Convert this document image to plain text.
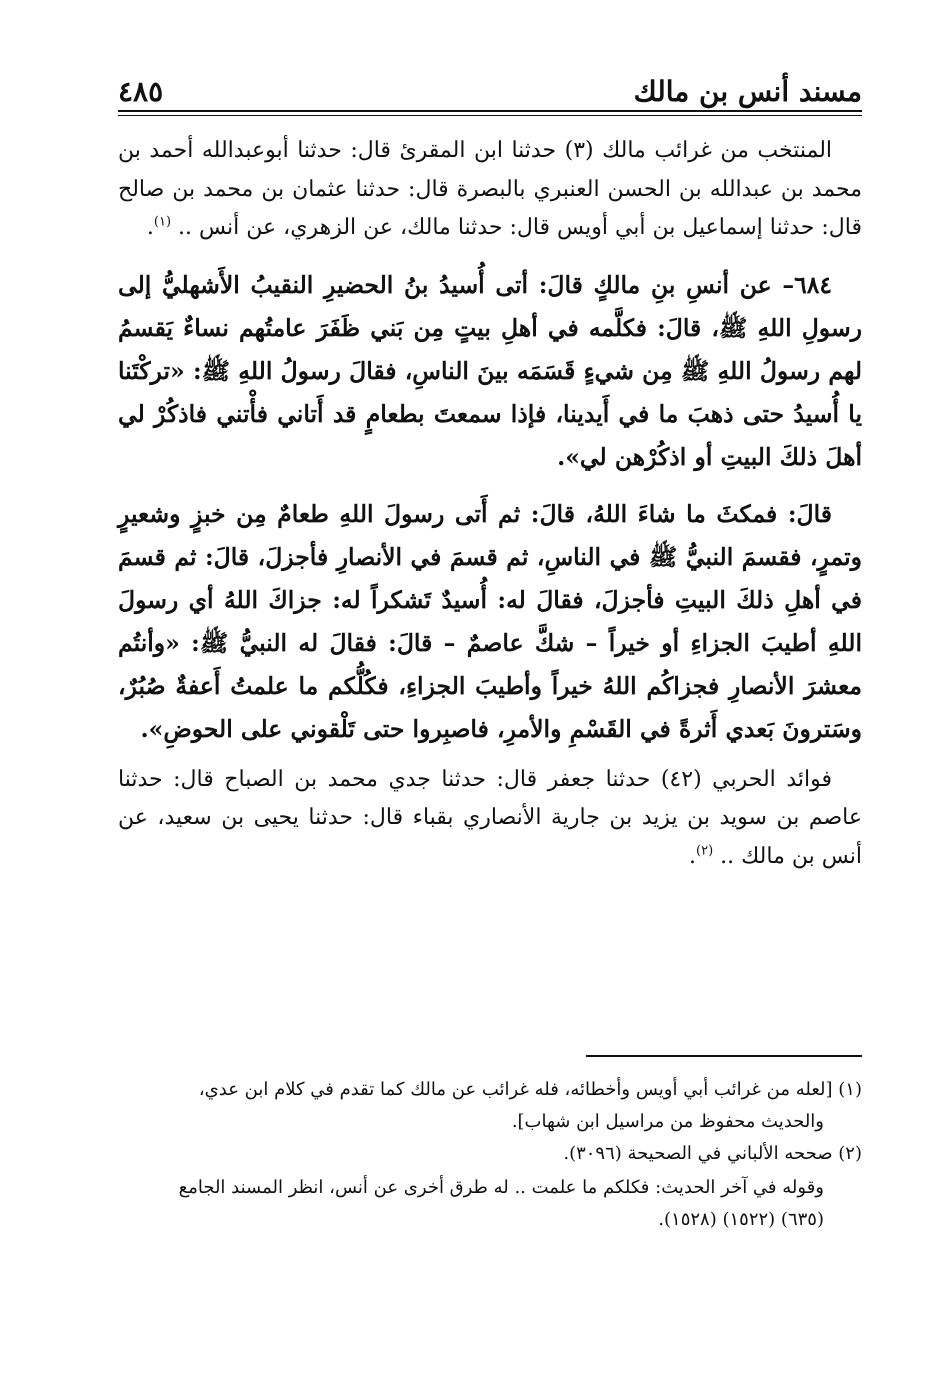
مسند أنس بن مالك
٤٨٥

المنتخب من غرائب مالك (٣) حدثنا ابن المقرئ قال: حدثنا أبوعبدالله أحمد بن محمد بن عبدالله بن الحسن العنبري بالبصرة قال: حدثنا عثمان بن محمد بن صالح قال: حدثنا إسماعيل بن أبي أويس قال: حدثنا مالك، عن الزهري، عن أنس .. $^{(١)}$.

٦٨٤– عن أنسِ بنِ مالكٍ قالَ: أتى أُسيدُ بنُ الحضيرِ النقيبُ الأَشهليُّ إلى رسولِ اللهِ ﷺ، قالَ: فكلَّمه في أهلِ بيتٍ مِن بَني ظَفَرَ عامتُهم نساءٌ يَقسمُ لهم رسولُ اللهِ ﷺ مِن شيءٍ قَسَمَه بينَ الناسِ، فقالَ رسولُ اللهِ ﷺ: «تركْتَنا يا أُسيدُ حتى ذهبَ ما في أَيدينا، فإذا سمعتَ بطعامٍ قد أَتاني فأْتني فاذكُرْ لي أهلَ ذلكَ البيتِ أو اذكُرْهن لي».

قالَ: فمكثَ ما شاءَ اللهُ، قالَ: ثم أَتى رسولَ اللهِ طعامٌ مِن خبزٍ وشعيرٍ وتمرٍ، فقسمَ النبيُّ ﷺ في الناسِ، ثم قسمَ في الأنصارِ فأجزلَ، قالَ: ثم قسمَ في أهلِ ذلكَ البيتِ فأجزلَ، فقالَ له: أُسيدٌ تَشكراً له: جزاكَ اللهُ أي رسولَ اللهِ أطيبَ الجزاءِ أو خيراً – شكَّ عاصمٌ – قالَ: فقالَ له النبيُّ ﷺ: «وأنتُم معشرَ الأنصارِ فجزاكُم اللهُ خيراً وأطيبَ الجزاءِ، فكُلُّكم ما علمتُ أَعفةٌ صُبُرٌ، وسَترونَ بَعدي أَثرةً في القَسْمِ والأمرِ، فاصبِروا حتى تَلْقوني على الحوضِ».

فوائد الحربي (٤٢) حدثنا جعفر قال: حدثنا جدي محمد بن الصباح قال: حدثنا عاصم بن سويد بن يزيد بن جارية الأنصاري بقباء قال: حدثنا يحيى بن سعيد، عن أنس بن مالك .. $^{(٢)}$.

(١) [لعله من غرائب أبي أويس وأخطائه، فله غرائب عن مالك كما تقدم في كلام ابن عدي،

والحديث محفوظ من مراسيل ابن شهاب].

(٢) صححه الألباني في الصحيحة (٣٠٩٦).

وقوله في آخر الحديث: فكلكم ما علمت .. له طرق أخرى عن أنس، انظر المسند الجامع

(٦٣٥) (١٥٢٢) (١٥٢٨).
